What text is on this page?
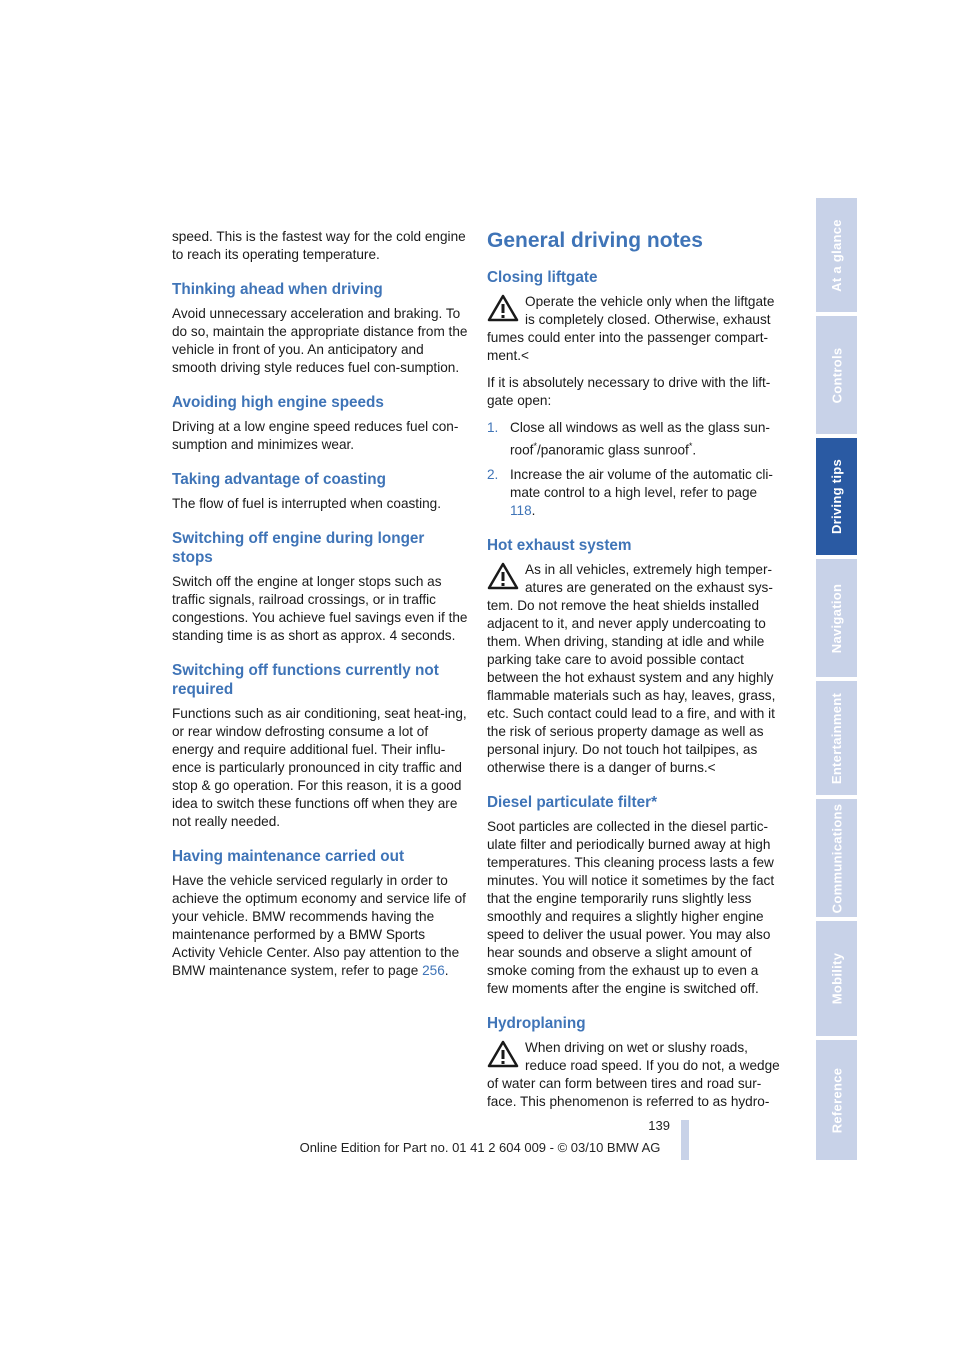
speed. This is the fastest way for the cold engine to reach its operating temperature.

Thinking ahead when driving

Avoid unnecessary acceleration and braking. To do so, maintain the appropriate distance from the vehicle in front of you. An anticipatory and smooth driving style reduces fuel con-sumption.

Avoiding high engine speeds

Driving at a low engine speed reduces fuel con-sumption and minimizes wear.

Taking advantage of coasting

The flow of fuel is interrupted when coasting.

Switching off engine during longer stops

Switch off the engine at longer stops such as traffic signals, railroad crossings, or in traffic congestions. You achieve fuel savings even if the standing time is as short as approx. 4 seconds.

Switching off functions currently not required

Functions such as air conditioning, seat heat-ing, or rear window defrosting consume a lot of energy and require additional fuel. Their influ-ence is particularly pronounced in city traffic and stop & go operation. For this reason, it is a good idea to switch these functions off when they are not really needed.

Having maintenance carried out

Have the vehicle serviced regularly in order to achieve the optimum economy and service life of your vehicle. BMW recommends having the maintenance performed by a BMW Sports Activity Vehicle Center. Also pay attention to the BMW maintenance system, refer to page 256.

General driving notes
Closing liftgate
Operate the vehicle only when the liftgate is completely closed. Otherwise, exhaust fumes could enter into the passenger compart-ment.<

If it is absolutely necessary to drive with the lift-gate open:

1. Close all windows as well as the glass sun-roof*/panoramic glass sunroof*.
2. Increase the air volume of the automatic cli-mate control to a high level, refer to page 118.
Hot exhaust system
As in all vehicles, extremely high temper-atures are generated on the exhaust sys-tem. Do not remove the heat shields installed adjacent to it, and never apply undercoating to them. When driving, standing at idle and while parking take care to avoid possible contact between the hot exhaust system and any highly flammable materials such as hay, leaves, grass, etc. Such contact could lead to a fire, and with it the risk of serious property damage as well as personal injury. Do not touch hot tailpipes, as otherwise there is a danger of burns.<
Diesel particulate filter*

Soot particles are collected in the diesel partic-ulate filter and periodically burned away at high temperatures. This cleaning process lasts a few minutes. You will notice it sometimes by the fact that the engine temporarily runs slightly less smoothly and requires a slightly higher engine speed to deliver the usual power. You may also hear sounds and observe a slight amount of smoke coming from the exhaust up to even a few moments after the engine is switched off.

Hydroplaning
When driving on wet or slushy roads, reduce road speed. If you do not, a wedge of water can form between tires and road sur-face. This phenomenon is referred to as hydro-
At a glance
Controls
Driving tips
Navigation
Entertainment
Communications
Mobility
Reference
139
Online Edition for Part no. 01 41 2 604 009 - © 03/10 BMW AG
